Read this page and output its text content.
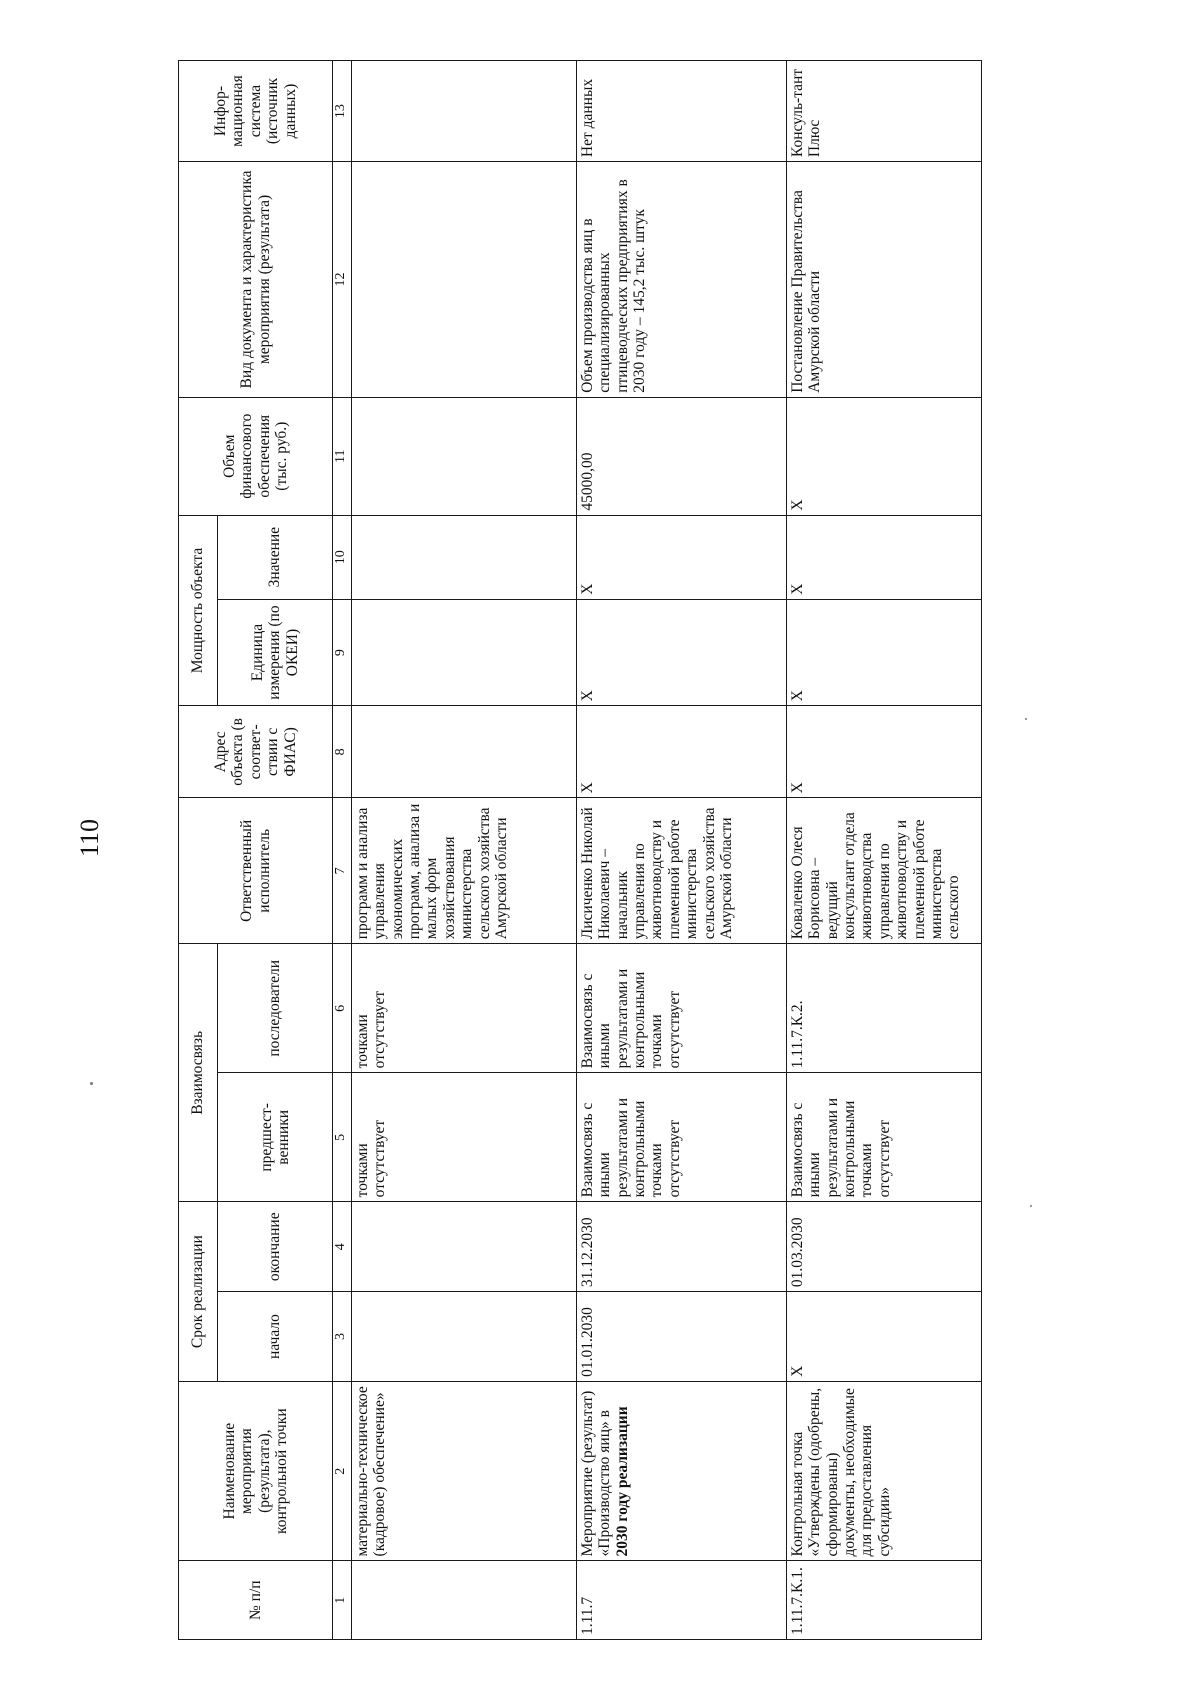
110
№ п/п	Наименование мероприятия (результата), контрольной точки	Срок реализации		Взаимосвязь		Ответственный исполнитель	Адрес объекта (в соответ-ствии с ФИАС)	Мощность объекта		Объем финансового обеспечения (тыс. руб.)	Вид документа и характеристика мероприятия (результата)	Инфор-мационная система (источник данных)
		начало	окончание	предшест-венники	последователи			Единица измерения (по ОКЕИ)	Значение			
1	2	3	4	5	6	7	8	9	10	11	12	13
	материально-техническое (кадровое) обеспечение»			точками отсутствует	точками отсутствует	программ и анализа управления экономических программ, анализа и малых форм хозяйствования министерства сельского хозяйства Амурской области						
1.11.7	Мероприятие (результат) «Производство яиц» в 2030 году реализации	01.01.2030	31.12.2030	Взаимосвязь с иными результатами и контрольными точками отсутствует	Взаимосвязь с иными результатами и контрольными точками отсутствует	Лисиченко Николай Николаевич – начальник управления по животноводству и племенной работе министерства сельского хозяйства Амурской области	Х	Х	Х	45000,00	Объем производства яиц в специализированных птицеводческих предприятиях в 2030 году – 145,2 тыс. штук	Нет данных
1.11.7.К.1.	Контрольная точка «Утверждены (одобрены, сформированы) документы, необходимые для предоставления субсидии»	Х	01.03.2030	Взаимосвязь с иными результатами и контрольными точками отсутствует	1.11.7.К.2.	Коваленко Олеся Борисовна – ведущий консультант отдела животноводства управления по животноводству и племенной работе министерства сельского	Х	Х	Х	Х	Постановление Правительства Амурской области	Консуль-тант Плюс
